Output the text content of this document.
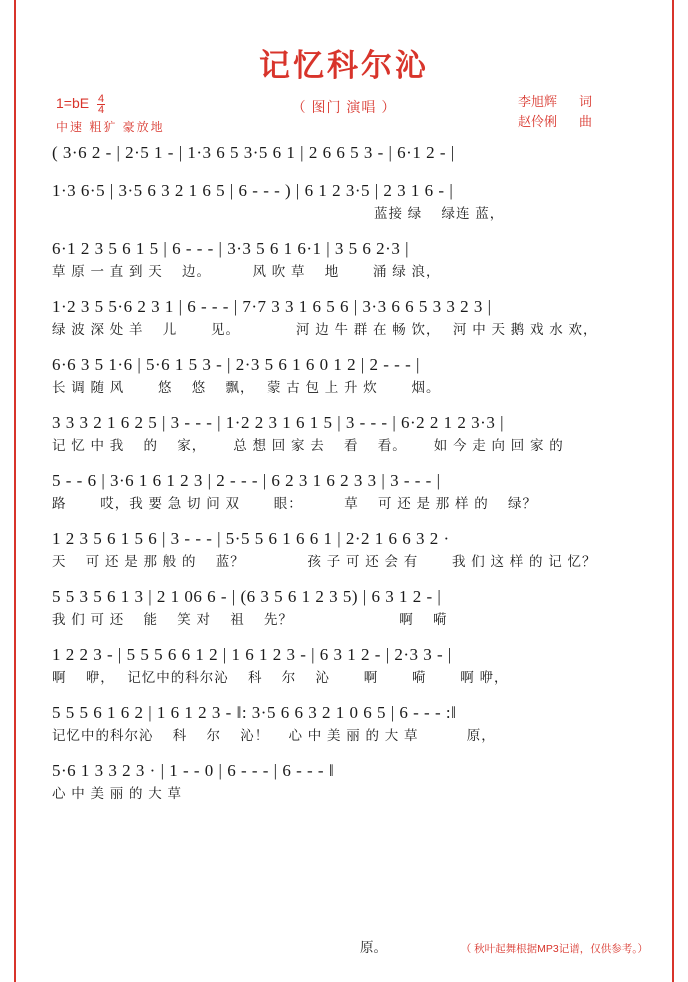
记忆科尔沁
（ 图门 演唱 ）
$1=bE \frac{4}{4}$
中速 粗犷 豪放地
李旭辉 词
赵伶俐 曲
( 3·6 2 - | 2·5 1 - | 1·3 6 5 3·5 6 1 | 2 6 6 5 3 - | 6·1 2 - |
1·3 6·5 | 3·5 6 3 2 1 6 5 | 6 - - - ) | 6 1 2 3·5 | 2 3 1 6 - |
蓝接 绿　 绿连 蓝，
6·1 2 3 5 6 1 5 | 6 - - - | 3·3 5 6 1 6·1 | 3 5 6 2·3 |
草 原 一 直 到 天　 边。　　　 风 吹 草　 地　　 涌 绿 浪，
1·2 3 5 5·6 2 3 1 | 6 - - - | 7·7 3 3 1 6 5 6 | 3·3 6 6 5 3 3 2 3 |
绿 波 深 处 羊　 儿　　 见。　　　　 河 边 牛 群 在 畅 饮，　 河 中 天 鹅 戏 水 欢，
6·6 3 5 1·6 | 5·6 1 5 3 - | 2·3 5 6 1 6 0 1 2 | 2 - - - |
长 调 随 风　　 悠　 悠　 飘，　 蒙 古 包 上 升 炊　　 烟。
3 3 3 2 1 6 2 5 | 3 - - - | 1·2 2 3 1 6 1 5 | 3 - - - | 6·2 2 1 2 3·3 |
记 忆 中 我　 的　 家，　　 总 想 回 家 去　 看　 看。　　 如 今 走 向 回 家 的
5 - - 6 | 3·6 1 6 1 2 3 | 2 - - - | 6 2 3 1 6 2 3 3 | 3 - - - |
路　　 哎，我 要 急 切 问 双　　 眼：　　　 草　 可 还 是 那 样 的　 绿？
1 2 3 5 6 1 5 6 | 3 - - - | 5·5 5 6 1 6 6 1 | 2·2 1 6 6 3 2 ·
天　 可 还 是 那 般 的　 蓝？　　　　 孩 子 可 还 会 有　　 我 们 这 样 的 记 忆？
5 5 3 5 6 1 3 | 2 1 06 6 - | (6 3 5 6 1 2 3 5) | 6 3 1 2 - |
我 们 可 还　 能　 笑 对　 祖　 先？　　　　　　　 啊　 嗬
1 2 2 3 - | 5 5 5 6 6 1 2 | 1 6 1 2 3 - | 6 3 1 2 - | 2·3 3 - |
啊　 咿，　 记忆中的科尔沁　 科　 尔　 沁　　 啊　　 嗬　　 啊 咿，
5 5 5 6 1 6 2 | 1 6 1 2 3 - ‖: 3·5 6 6 3 2 1 0 6 5 | 6 - - - :‖
记忆中的科尔沁　 科　 尔　 沁！　 心 中 美 丽 的 大 草　　　 原，
5·6 1 3 3 2 3 · | 1 - - 0 | 6 - - - | 6 - - - ‖
心 中 美 丽 的 大 草
原。	（ 秋叶起舞根据MP3记谱，仅供参考。）
